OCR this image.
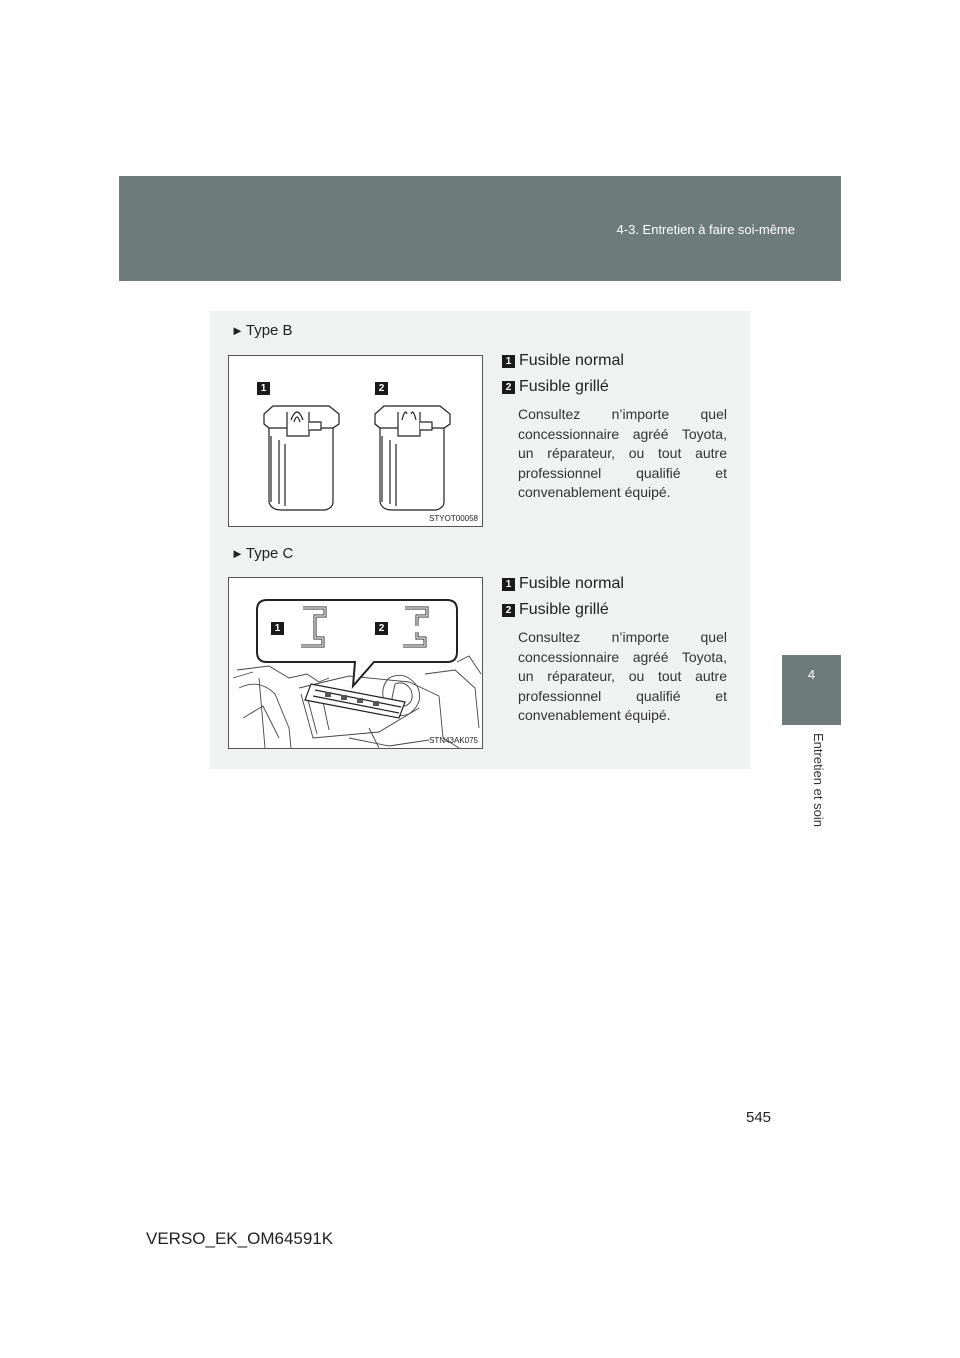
4-3. Entretien à faire soi-même
4
Entretien et soin
► Type B
1	2
STYOT00058
1 Fusible normal
2 Fusible grillé
Consultez n’importe quel concessionnaire agréé Toyota, un réparateur, ou tout autre professionnel qualifié et convenablement équipé.
► Type C
1	2
STN43AK075
1 Fusible normal
2 Fusible grillé
Consultez n’importe quel concessionnaire agréé Toyota, un réparateur, ou tout autre professionnel qualifié et convenablement équipé.
545
VERSO_EK_OM64591K
